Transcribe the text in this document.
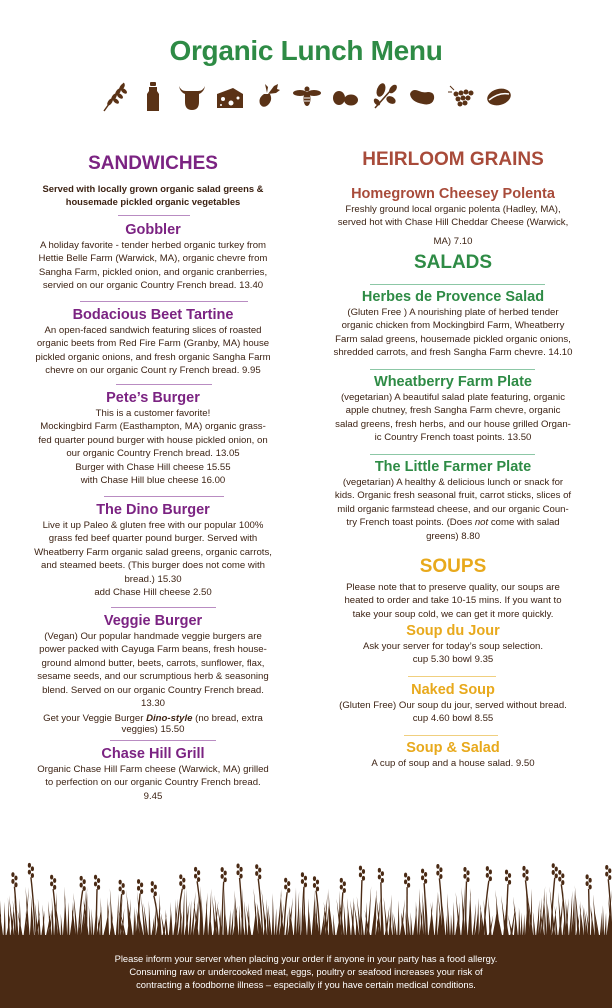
Organic Lunch Menu
SANDWICHES
Served with locally grown organic salad greens &
housemade pickled organic vegetables
Gobbler
A holiday favorite - tender herbed organic turkey from
Hettie Belle Farm (Warwick, MA), organic chevre from
Sangha Farm, pickled onion, and organic cranberries,
servied on our organic Country French bread. 13.40
Bodacious Beet Tartine
An open-faced sandwich featuring slices of roasted
organic beets from Red Fire Farm (Granby, MA) house
pickled organic onions, and fresh organic Sangha Farm
chevre on our organic Count ry French bread. 9.95
Pete’s Burger
This is a customer favorite!
Mockingbird Farm (Easthampton, MA) organic grass-
fed quarter pound burger with house pickled onion, on
our organic Country French bread. 13.05
Burger with Chase Hill cheese 15.55
with Chase Hill blue cheese 16.00
The Dino Burger
Live it up Paleo & gluten free with our popular 100%
grass fed beef quarter pound burger. Served with
Wheatberry Farm organic salad greens, organic carrots,
and steamed beets. (This burger does not come with
bread.) 15.30
add Chase Hill cheese 2.50
Veggie Burger
(Vegan) Our popular handmade veggie burgers are
power packed with Cayuga Farm beans, fresh house-
ground almond butter, beets, carrots, sunflower, flax,
sesame seeds, and our scrumptious herb & seasoning
blend. Served on our organic Country French bread.
13.30
Get your Veggie Burger Dino-style (no bread, extra
veggies) 15.50
Chase Hill Grill
Organic Chase Hill Farm cheese (Warwick, MA) grilled
to perfection on our organic Country French bread.
9.45
HEIRLOOM GRAINS
Homegrown Cheesey Polenta
Freshly ground local organic polenta (Hadley, MA),
served hot with Chase Hill Cheddar Cheese (Warwick,
MA) 7.10
SALADS
Herbes de Provence Salad
(Gluten Free ) A nourishing plate of herbed tender
organic chicken from Mockingbird Farm, Wheatberry
Farm salad greens, housemade pickled organic onions,
shredded carrots, and fresh Sangha Farm chevre. 14.10
Wheatberry Farm Plate
(vegetarian) A beautiful salad plate featuring, organic
apple chutney, fresh Sangha Farm chevre, organic
salad greens, fresh herbs, and our house grilled Organ-
ic Country French toast points. 13.50
The Little Farmer Plate
(vegetarian) A healthy & delicious lunch or snack for
kids. Organic fresh seasonal fruit, carrot sticks, slices of
mild organic farmstead cheese, and our organic Coun-
try French toast points. (Does not come with salad
greens) 8.80
SOUPS
Please note that to preserve quality, our soups are
heated to order and take 10-15 mins. If you want to
take your soup cold, we can get it more quickly.
Soup du Jour
Ask your server for today’s soup selection.
cup 5.30 bowl 9.35
Naked Soup
(Gluten Free) Our soup du jour, served without bread.
cup 4.60 bowl 8.55
Soup & Salad
A cup of soup and a house salad. 9.50
Please inform your server when placing your order if anyone in your party has a food allergy.
Consuming raw or undercooked meat, eggs, poultry or seafood increases your risk of
contracting a foodborne illness – especially if you have certain medical conditions.
